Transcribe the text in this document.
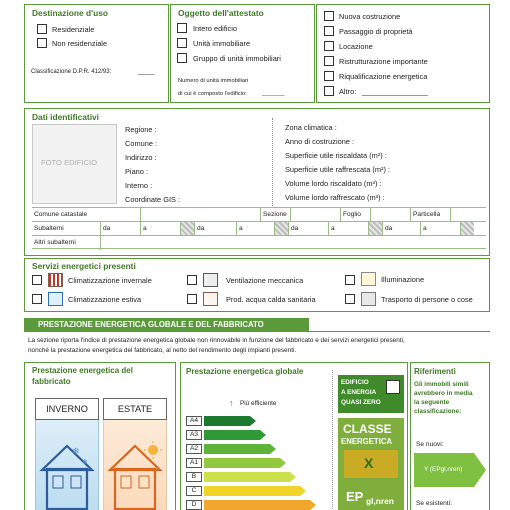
Destinazione d'uso
Residenziale
Non residenziale
Classificazione D.P.R. 412/93:	_____
Oggetto dell'attestato
Intero edificio
Unità immobiliare
Gruppo di unità immobiliari
Numero di unità immobiliari
di cui è composto l'edificio:	_______
Nuova costruzione
Passaggio di proprietà
Locazione
Ristrutturazione importante
Riqualificazione energetica
Altro: ________________
Dati identificativi
FOTO EDIFICIO
Regione :
Comune :
Indirizzo :
Piano :
Interno :
Coordinate GIS :
Zona climatica :
Anno di costruzione :
Superficie utile riscaldata (m²) :
Superficie utile raffrescata (m²) :
Volume lordo riscaldato (m³) :
Volume lordo raffrescato (m³) :
Comune catastale	Sezione	Foglio	Particella
Subalterni	da	a	da	a	da	a	da	a
Altri subalterni
Servizi energetici presenti
Climatizzazione invernale
Climatizzazione estiva
Ventilazione meccanica
Prod. acqua calda sanitaria
Illuminazione
Trasporto di persone o cose
PRESTAZIONE ENERGETICA GLOBALE E DEL FABBRICATO
La sezione riporta l'indice di prestazione energetica globale non rinnovabile in funzione del fabbricato e dei servizi energetici presenti,
nonché la prestazione energetica del fabbricato, al netto del rendimento degli impianti presenti.
Prestazione energetica del
fabbricato
INVERNO	ESTATE
❄
❄
Prestazione energetica globale
↑ Più efficiente
A4
A3
A2
A1
B
C
D
EDIFICIO
A ENERGIA
QUASI ZERO
CLASSE
ENERGETICA
X
EP gl,nren
Riferimenti
Gli immobili simili
avrebbero in media
la seguente
classificazione:
Se nuovi:
Y (EPgl,nren)
Se esistenti:
